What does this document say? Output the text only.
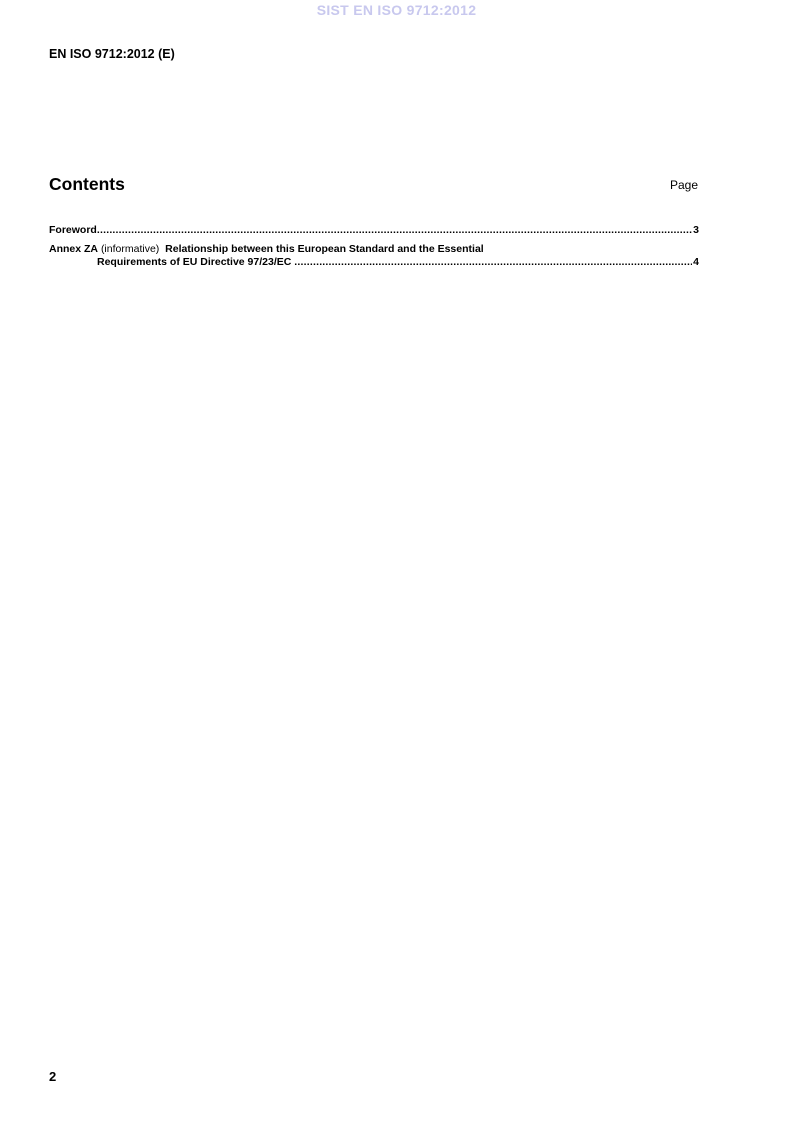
SIST EN ISO 9712:2012
EN ISO 9712:2012 (E)
Contents	Page
Foreword .....	3
Annex ZA (informative) Relationship between this European Standard and the Essential
Requirements of EU Directive 97/23/EC
.....	4
2
